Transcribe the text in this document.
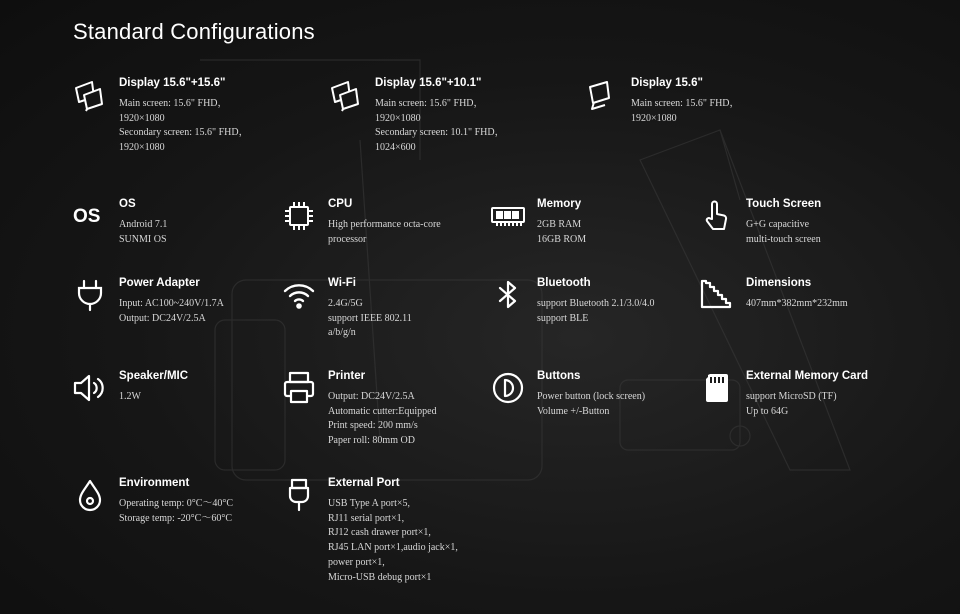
Standard Configurations
Display 15.6"+15.6"
Main screen: 15.6" FHD，
1920×1080
Secondary screen: 15.6" FHD，
1920×1080
Display 15.6"+10.1"
Main screen: 15.6" FHD，
1920×1080
Secondary screen: 10.1" FHD，
1024×600
Display 15.6"
Main screen: 15.6" FHD，
1920×1080
OS
OS
Android 7.1
SUNMI OS
CPU
High performance octa-core
processor
Memory
2GB RAM
16GB ROM
Touch Screen
G+G capacitive
multi-touch screen
Power Adapter
Input: AC100~240V/1.7A
Output: DC24V/2.5A
Wi-Fi
2.4G/5G
support IEEE 802.11
a/b/g/n
Bluetooth
support Bluetooth 2.1/3.0/4.0
support BLE
Dimensions
407mm*382mm*232mm
Speaker/MIC
1.2W
Printer
Output: DC24V/2.5A
Automatic cutter:Equipped
Print speed: 200 mm/s
Paper roll: 80mm OD
Buttons
Power button (lock screen)
Volume +/-Button
External Memory Card
support MicroSD (TF)
Up to 64G
Environment
Operating temp: 0°C～40°C
Storage temp: -20°C～60°C
External Port
USB Type A port×5,
RJ11 serial port×1,
RJ12 cash drawer port×1,
RJ45 LAN port×1,audio jack×1,
power port×1,
Micro-USB debug port×1
